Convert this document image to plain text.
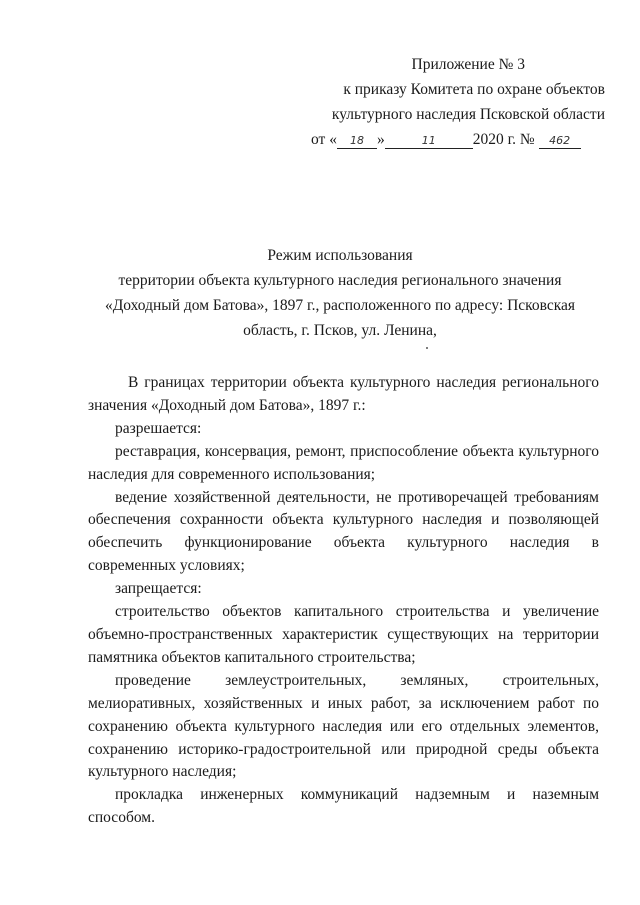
Приложение № 3
к приказу Комитета по охране объектов
культурного наследия Псковской области
от « 18 »	11 2020 г. № 462
Режим использования
территории объекта культурного наследия регионального значения
«Доходный дом Батова», 1897 г., расположенного по адресу: Псковская
область, г. Псков, ул. Ленина,

В границах территории объекта культурного наследия регионального значения «Доходный дом Батова», 1897 г.:

разрешается:

реставрация, консервация, ремонт, приспособление объекта культурного наследия для современного использования;

ведение хозяйственной деятельности, не противоречащей требованиям обеспечения сохранности объекта культурного наследия и позволяющей обеспечить функционирование объекта культурного наследия в современных условиях;

запрещается:

строительство объектов капитального строительства и увеличение объемно-пространственных характеристик существующих на территории памятника объектов капитального строительства;

проведение землеустроительных, земляных, строительных, мелиоративных, хозяйственных и иных работ, за исключением работ по сохранению объекта культурного наследия или его отдельных элементов, сохранению историко-градостроительной или природной среды объекта культурного наследия;

прокладка инженерных коммуникаций надземным и наземным способом.
